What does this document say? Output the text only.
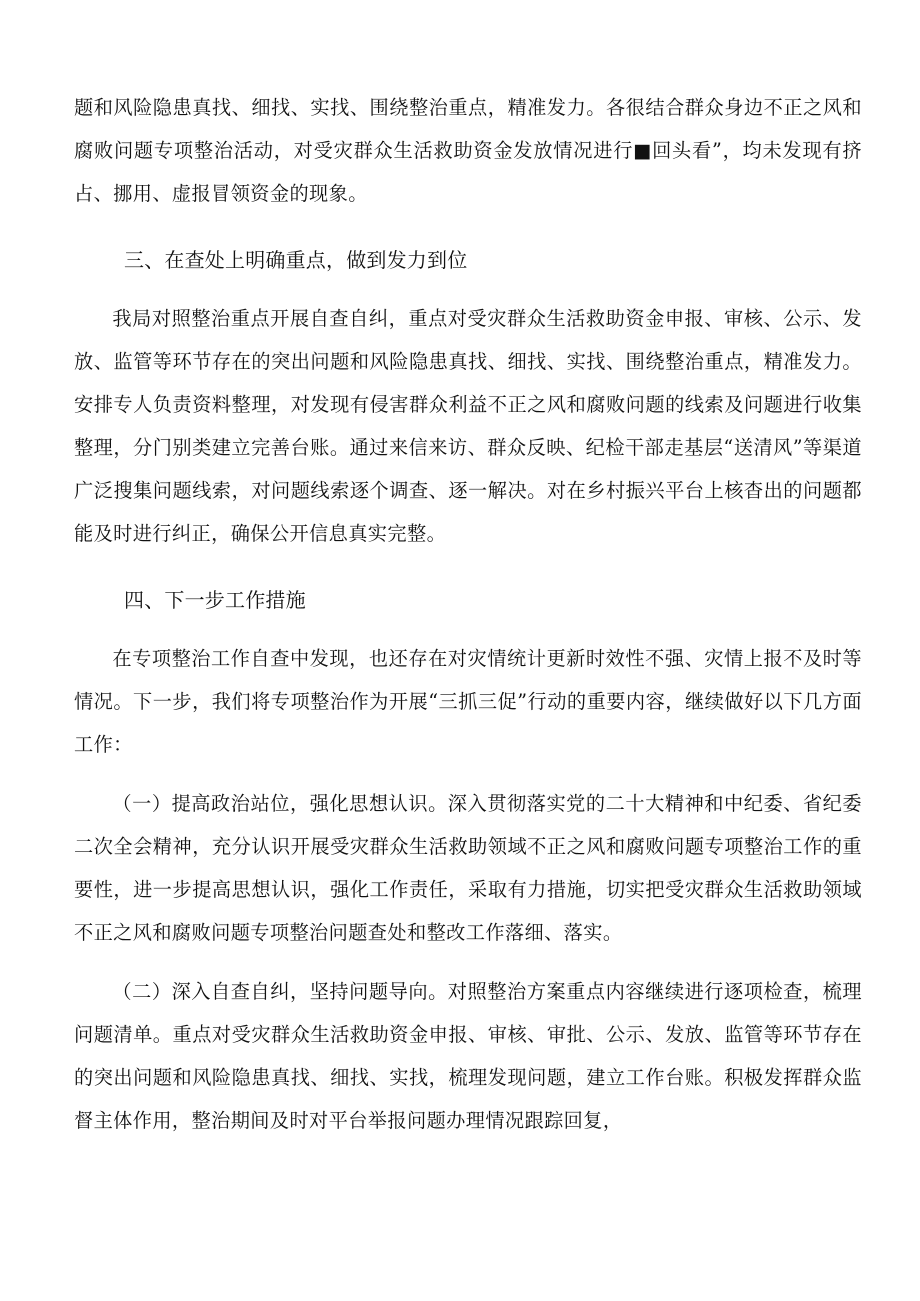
题和风险隐患真找、细找、实找、围绕整治重点，精准发力。各很结合群众身边不正之风和腐败问题专项整治活动，对受灾群众生活救助资金发放情况进行■回头看”，均未发现有挤占、挪用、虚报冒领资金的现象。

三、在查处上明确重点，做到发力到位

我局对照整治重点开展自查自纠，重点对受灾群众生活救助资金申报、审核、公示、发放、监管等环节存在的突出问题和风险隐患真找、细找、实找、围绕整治重点，精准发力。安排专人负责资料整理，对发现有侵害群众利益不正之风和腐败问题的线索及问题进行收集整理，分门别类建立完善台账。通过来信来访、群众反映、纪检干部走基层“送清风”等渠道广泛搜集问题线索，对问题线索逐个调查、逐一解决。对在乡村振兴平台上核杳出的问题都能及时进行纠正，确保公开信息真实完整。

四、下一步工作措施

在专项整治工作自查中发现，也还存在对灾情统计更新时效性不强、灾情上报不及时等情况。下一步，我们将专项整治作为开展“三抓三促”行动的重要内容，继续做好以下几方面工作：

（一）提高政治站位，强化思想认识。深入贯彻落实党的二十大精神和中纪委、省纪委二次全会精神，充分认识开展受灾群众生活救助领域不正之风和腐败问题专项整治工作的重要性，进一步提高思想认识，强化工作责任，采取有力措施，切实把受灾群众生活救助领域不正之风和腐败问题专项整治问题查处和整改工作落细、落实。

（二）深入自查自纠，坚持问题导向。对照整治方案重点内容继续进行逐项检查，梳理问题清单。重点对受灾群众生活救助资金申报、审核、审批、公示、发放、监管等环节存在的突出问题和风险隐患真找、细找、实找，梳理发现问题，建立工作台账。积极发挥群众监督主体作用，整治期间及时对平台举报问题办理情况跟踪回复，
